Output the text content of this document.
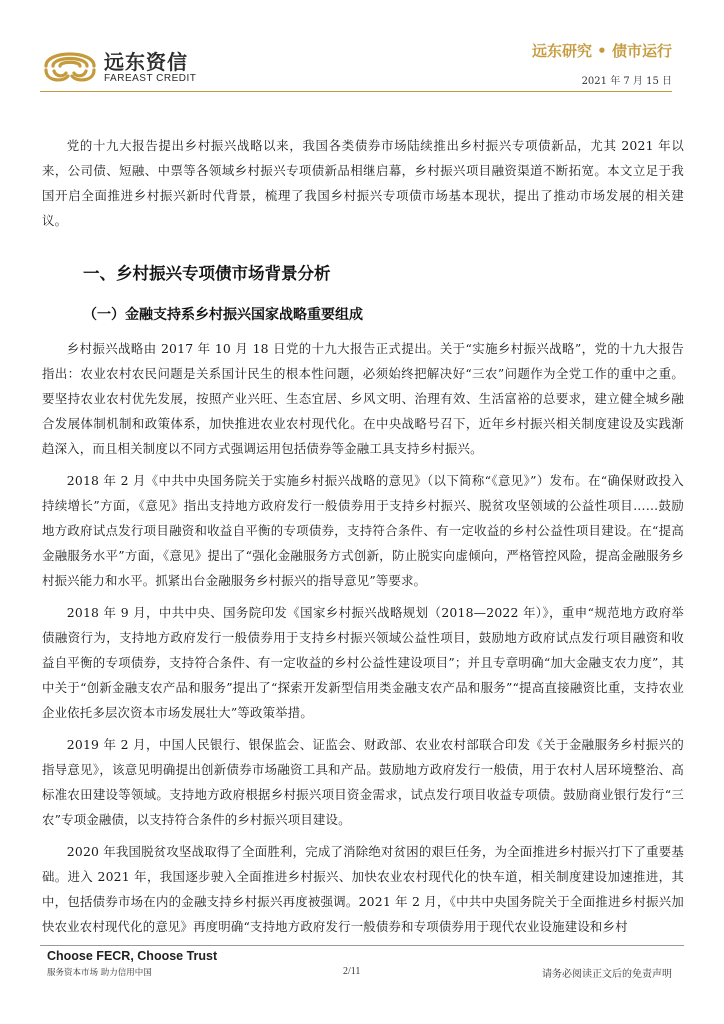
远东资信
FAREAST CREDIT
远东研究 • 债市运行
2021 年 7 月 15 日

党的十九大报告提出乡村振兴战略以来，我国各类债券市场陆续推出乡村振兴专项债新品，尤其 2021 年以来，公司债、短融、中票等各领域乡村振兴专项债新品相继启幕，乡村振兴项目融资渠道不断拓宽。本文立足于我国开启全面推进乡村振兴新时代背景，梳理了我国乡村振兴专项债市场基本现状，提出了推动市场发展的相关建议。

一、乡村振兴专项债市场背景分析
（一）金融支持系乡村振兴国家战略重要组成

乡村振兴战略由 2017 年 10 月 18 日党的十九大报告正式提出。关于“实施乡村振兴战略”，党的十九大报告指出：农业农村农民问题是关系国计民生的根本性问题，必须始终把解决好“三农”问题作为全党工作的重中之重。要坚持农业农村优先发展，按照产业兴旺、生态宜居、乡风文明、治理有效、生活富裕的总要求，建立健全城乡融合发展体制机制和政策体系，加快推进农业农村现代化。在中央战略号召下，近年乡村振兴相关制度建设及实践渐趋深入，而且相关制度以不同方式强调运用包括债券等金融工具支持乡村振兴。

2018 年 2 月《中共中央国务院关于实施乡村振兴战略的意见》（以下简称“《意见》”）发布。在“确保财政投入持续增长”方面，《意见》指出支持地方政府发行一般债券用于支持乡村振兴、脱贫攻坚领域的公益性项目……鼓励地方政府试点发行项目融资和收益自平衡的专项债券，支持符合条件、有一定收益的乡村公益性项目建设。在“提高金融服务水平”方面，《意见》提出了“强化金融服务方式创新，防止脱实向虚倾向，严格管控风险，提高金融服务乡村振兴能力和水平。抓紧出台金融服务乡村振兴的指导意见”等要求。

2018 年 9 月，中共中央、国务院印发《国家乡村振兴战略规划（2018—2022 年）》，重申“规范地方政府举债融资行为，支持地方政府发行一般债券用于支持乡村振兴领域公益性项目，鼓励地方政府试点发行项目融资和收益自平衡的专项债券，支持符合条件、有一定收益的乡村公益性建设项目”；并且专章明确“加大金融支农力度”，其中关于“创新金融支农产品和服务”提出了“探索开发新型信用类金融支农产品和服务”“提高直接融资比重，支持农业企业依托多层次资本市场发展壮大”等政策举措。

2019 年 2 月，中国人民银行、银保监会、证监会、财政部、农业农村部联合印发《关于金融服务乡村振兴的指导意见》，该意见明确提出创新债券市场融资工具和产品。鼓励地方政府发行一般债，用于农村人居环境整治、高标准农田建设等领域。支持地方政府根据乡村振兴项目资金需求，试点发行项目收益专项债。鼓励商业银行发行“三农”专项金融债，以支持符合条件的乡村振兴项目建设。

2020 年我国脱贫攻坚战取得了全面胜利，完成了消除绝对贫困的艰巨任务，为全面推进乡村振兴打下了重要基础。进入 2021 年，我国逐步驶入全面推进乡村振兴、加快农业农村现代化的快车道，相关制度建设加速推进，其中，包括债券市场在内的金融支持乡村振兴再度被强调。2021 年 2 月，《中共中央国务院关于全面推进乡村振兴加快农业农村现代化的意见》再度明确“支持地方政府发行一般债券和专项债券用于现代农业设施建设和乡村

Choose FECR, Choose Trust
服务资本市场 助力信用中国	2/11	请务必阅读正文后的免责声明
